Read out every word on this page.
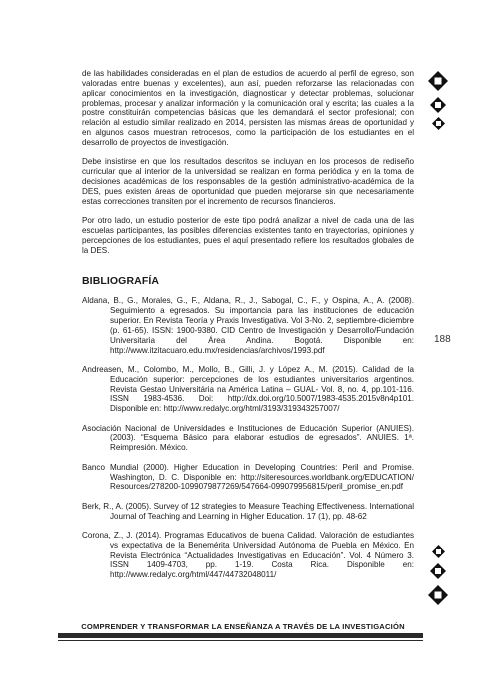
de las habilidades consideradas en el plan de estudios de acuerdo al perfil de egreso, son valoradas entre buenas y excelentes), aun así, pueden reforzarse las relacionadas con aplicar conocimientos en la investigación, diagnosticar y detectar problemas, solucionar problemas, procesar y analizar información y la comunicación oral y escrita; las cuales a la postre constituirán competencias básicas que les demandará el sector profesional; con relación al estudio similar realizado en 2014, persisten las mismas áreas de oportunidad y en algunos casos muestran retrocesos, como la participación de los estudiantes en el desarrollo de proyectos de investigación.

Debe insistirse en que los resultados descritos se incluyan en los procesos de rediseño curricular que al interior de la universidad se realizan en forma periódica y en la toma de decisiones académicas de los responsables de la gestión administrativo-académica de la DES, pues existen áreas de oportunidad que pueden mejorarse sin que necesariamente estas correcciones transiten por el incremento de recursos financieros.

Por otro lado, un estudio posterior de este tipo podrá analizar a nivel de cada una de las escuelas participantes, las posibles diferencias existentes tanto en trayectorias, opiniones y percepciones de los estudiantes, pues el aquí presentado refiere los resultados globales de la DES.

BIBLIOGRAFÍA

Aldana, B., G., Morales, G., F., Aldana, R., J., Sabogal, C., F., y Ospina, A., A. (2008). Seguimiento a egresados. Su importancia para las instituciones de educación superior. En Revista Teoría y Praxis Investigativa. Vol 3-No. 2, septiembre-diciembre (p. 61-65). ISSN: 1900-9380. CID Centro de Investigación y Desarrollo/Fundación Universitaria del Área Andina. Bogotá. Disponible en: http://www.itzitacuaro.edu.mx/residencias/archivos/1993.pdf

Andreasen, M., Colombo, M., Mollo, B., Gilli, J. y López A., M. (2015). Calidad de la Educación superior: percepciones de los estudiantes universitarios argentinos. Revista Gestao Universitária na América Latina – GUAL- Vol. 8, no. 4, pp.101-116. ISSN 1983-4536. Doi: http://dx.doi.org/10.5007/1983-4535.2015v8n4p101. Disponible en: http://www.redalyc.org/html/3193/319343257007/

Asociación Nacional de Universidades e Instituciones de Educación Superior (ANUIES). (2003). “Esquema Básico para elaborar estudios de egresados”. ANUIES. 1ª. Reimpresión. México.

Banco Mundial (2000). Higher Education in Developing Countries: Peril and Promise. Washington, D. C. Disponible en: http://siteresources.worldbank.org/EDUCATION/ Resources/278200-1099079877269/547664-099079956815/peril_promise_en.pdf

Berk, R., A. (2005). Survey of 12 strategies to Measure Teaching Effectiveness. International Journal of Teaching and Learning in Higher Education. 17 (1), pp. 48-62

Corona, Z., J. (2014). Programas Educativos de buena Calidad. Valoración de estudiantes vs expectativa de la Benemérita Universidad Autónoma de Puebla en México. En Revista Electrónica “Actualidades Investigativas en Educación”. Vol. 4 Número 3. ISSN 1409-4703, pp. 1-19. Costa Rica. Disponible en: http://www.redalyc.org/html/447/44732048011/

188
COMPRENDER Y TRANSFORMAR LA ENSEÑANZA A TRAVÉS DE LA INVESTIGACIÓN
